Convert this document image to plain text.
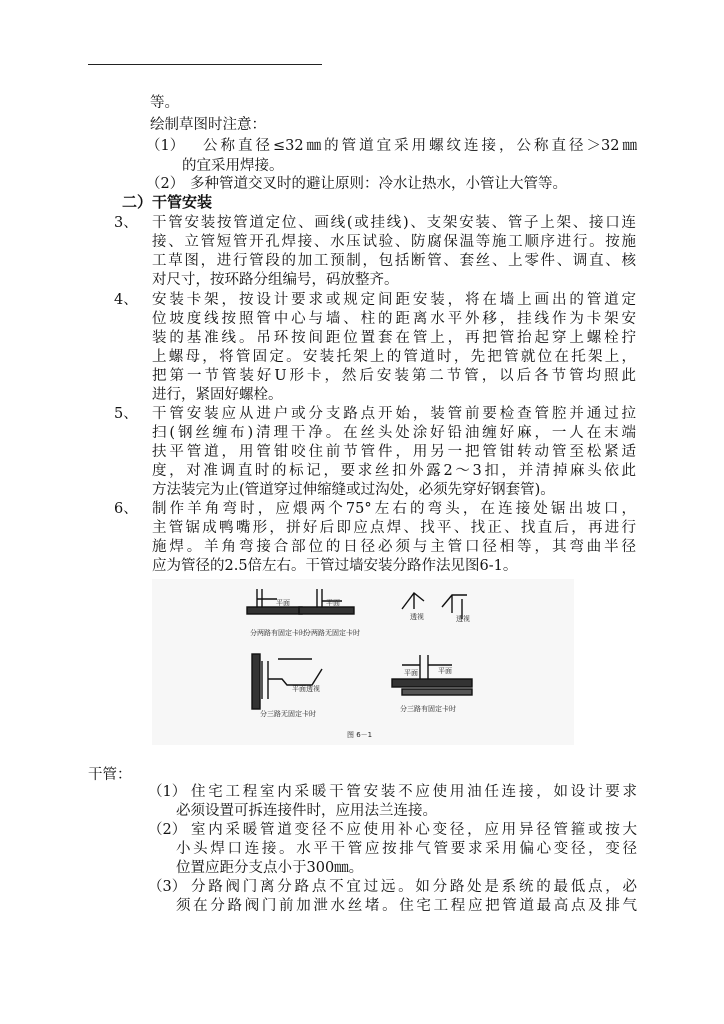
等。
绘制草图时注意：
（1） 公称直径≤32㎜的管道宜采用螺纹连接，公称直径＞32㎜
的宜采用焊接。
（2） 多种管道交叉时的避让原则：冷水让热水，小管让大管等。
二）干管安装
3、 干管安装按管道定位、画线(或挂线)、支架安装、管子上架、接口连
接、立管短管开孔焊接、水压试验、防腐保温等施工顺序进行。按施
工草图，进行管段的加工预制，包括断管、套丝、上零件、调直、核
对尺寸，按环路分组编号，码放整齐。
4、 安装卡架，按设计要求或规定间距安装，将在墙上画出的管道定
位坡度线按照管中心与墙、柱的距离水平外移，挂线作为卡架安
装的基准线。吊环按间距位置套在管上，再把管抬起穿上螺栓拧
上螺母，将管固定。安装托架上的管道时，先把管就位在托架上，
把第一节管装好U形卡，然后安装第二节管，以后各节管均照此
进行，紧固好螺栓。
5、 干管安装应从进户或分支路点开始，装管前要检查管腔并通过拉
扫(钢丝缠布)清理干净。在丝头处涂好铅油缠好麻，一人在末端
扶平管道，用管钳咬住前节管件，用另一把管钳转动管至松紧适
度，对准调直时的标记，要求丝扣外露2～3扣，并清掉麻头依此
方法装完为止(管道穿过伸缩缝或过沟处，必须先穿好钢套管)。
6、 制作羊角弯时，应煨两个75°左右的弯头，在连接处锯出坡口，
主管锯成鸭嘴形，拼好后即应点焊、找平、找正、找直后，再进行
施焊。羊角弯接合部位的日径必须与主管口径相等，其弯曲半径
应为管径的2.5倍左右。干管过墙安装分路作法见图6-1。
平面	平面
透视	透视
分两路有固定卡时
分两路无固定卡时
平面 透视
平面
平面
分三路无固定卡时
分三路有固定卡时
图 6－1
干管：
（1） 住宅工程室内采暖干管安装不应使用油任连接，如设计要求
必须设置可拆连接件时，应用法兰连接。
（2） 室内采暖管道变径不应使用补心变径，应用异径管箍或按大
小头焊口连接。水平干管应按排气管要求采用偏心变径，变径
位置应距分支点小于300㎜。
（3） 分路阀门离分路点不宜过远。如分路处是系统的最低点，必
须在分路阀门前加泄水丝堵。住宅工程应把管道最高点及排气
